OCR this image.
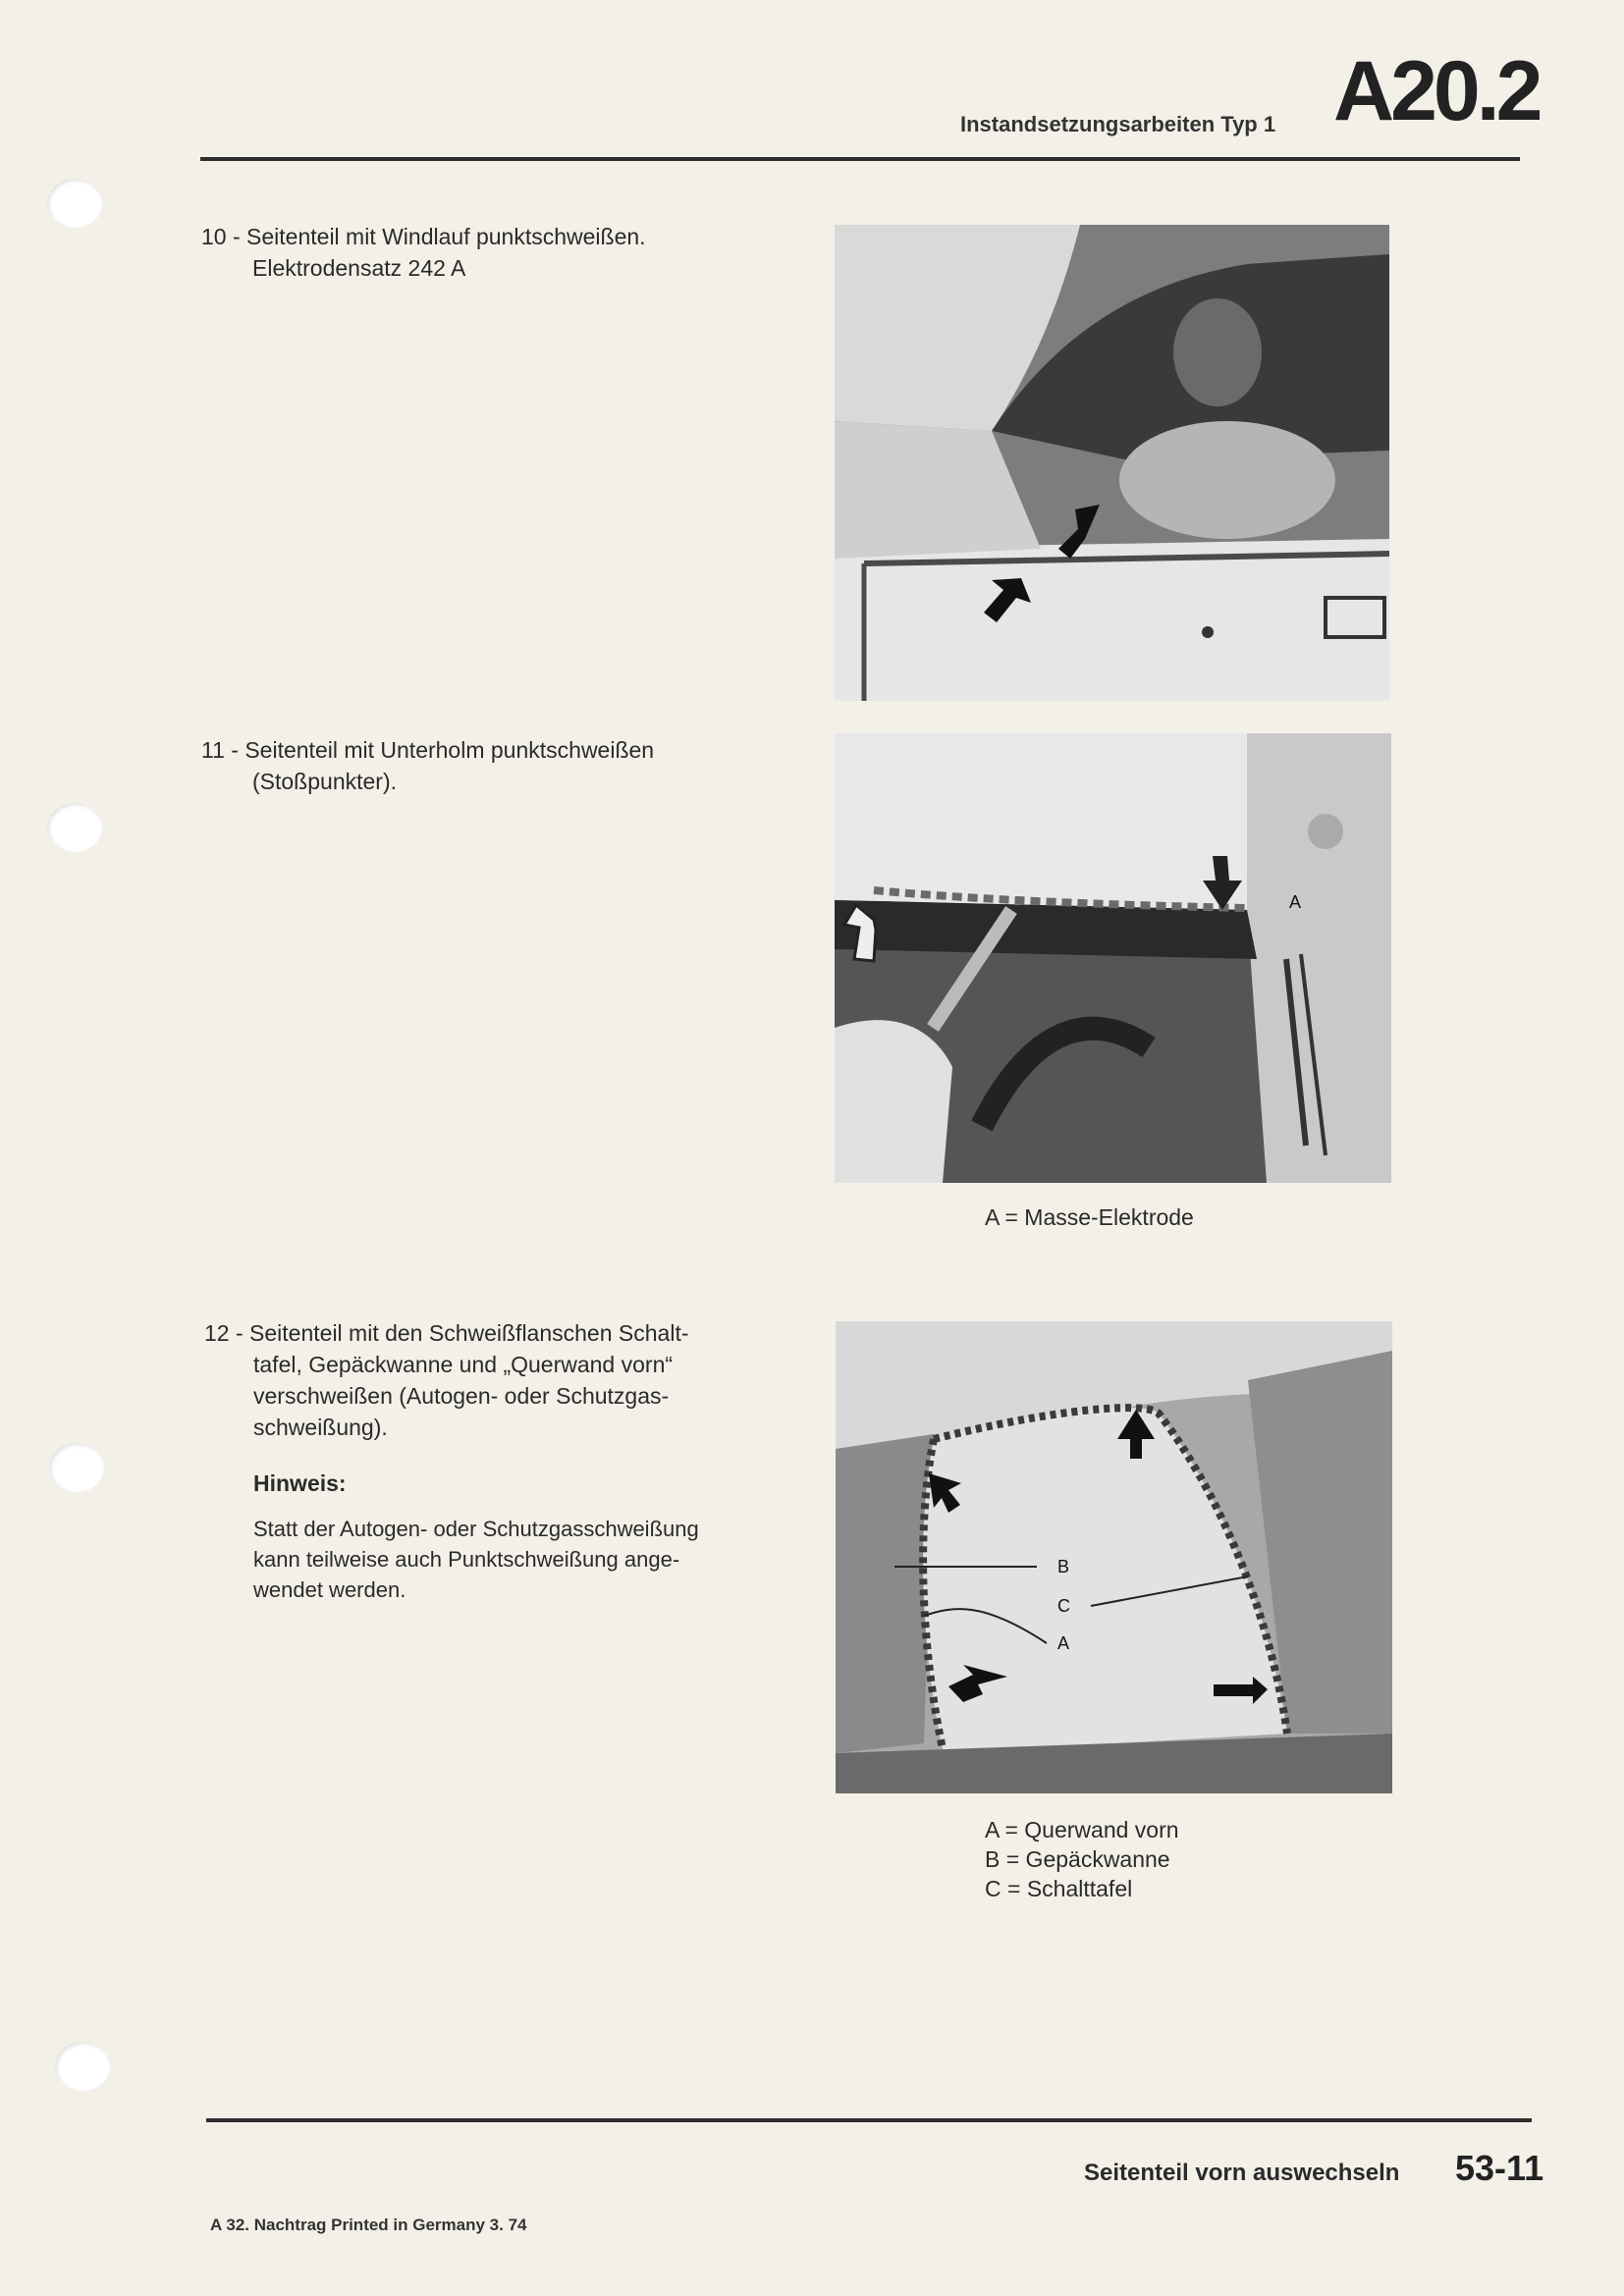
Instandsetzungsarbeiten Typ 1 A20.2
10 - Seitenteil mit Windlauf punktschweißen.
Elektrodensatz 242 A
11 - Seitenteil mit Unterholm punktschweißen
(Stoßpunkter).
A
A = Masse-Elektrode
12 - Seitenteil mit den Schweißflanschen Schalt-
tafel, Gepäckwanne und „Querwand vorn“
verschweißen (Autogen- oder Schutzgas-
schweißung).
Hinweis:
Statt der Autogen- oder Schutzgasschweißung
kann teilweise auch Punktschweißung ange-
wendet werden.
B
C
A
A = Querwand vorn
B = Gepäckwanne
C = Schalttafel
Seitenteil vorn auswechseln 53-11
A 32. Nachtrag Printed in Germany 3. 74
